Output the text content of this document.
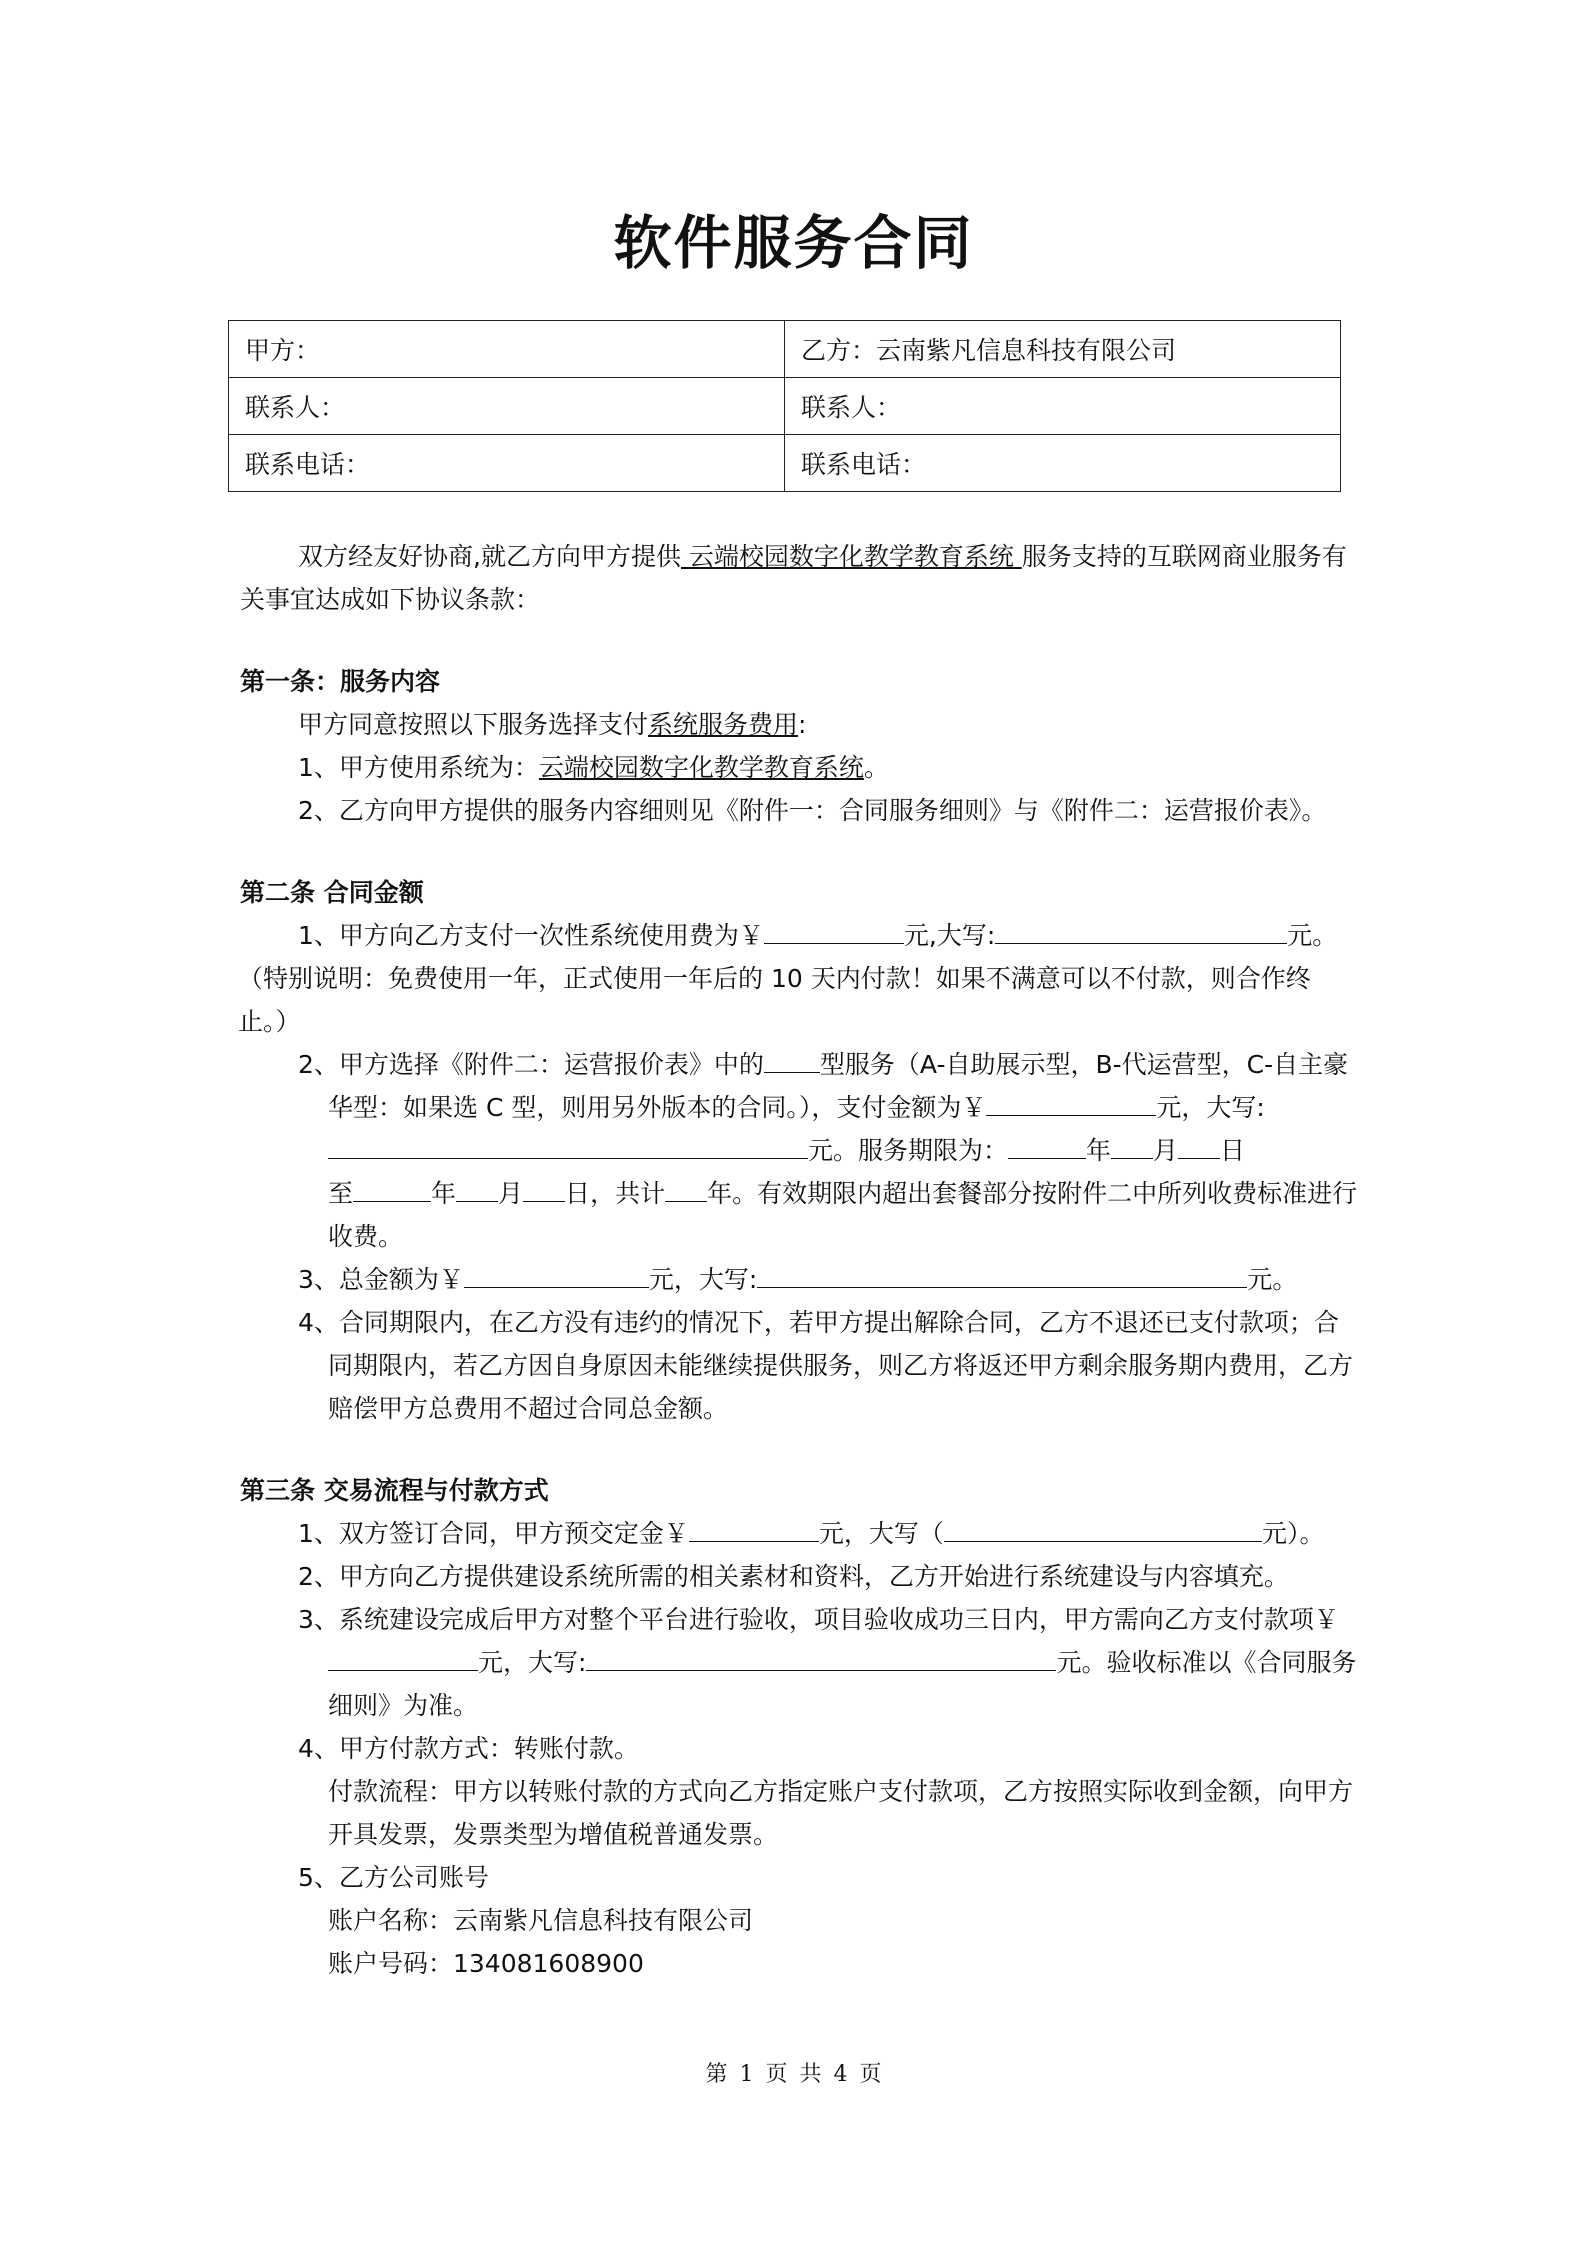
软件服务合同
甲方：	乙方：云南紫凡信息科技有限公司
联系人：	联系人：
联系电话：	联系电话：

双方经友好协商,就乙方向甲方提供 云端校园数字化教学教育系统 服务支持的互联网商业服务有关事宜达成如下协议条款：

第一条：服务内容

甲方同意按照以下服务选择支付系统服务费用:

1、甲方使用系统为：云端校园数字化教学教育系统。

2、乙方向甲方提供的服务内容细则见《附件一：合同服务细则》与《附件二：运营报价表》。

第二条 合同金额

1、甲方向乙方支付一次性系统使用费为￥	元,大写:	元。

（特别说明：免费使用一年，正式使用一年后的 10 天内付款！如果不满意可以不付款，则合作终止。）

2、甲方选择《附件二：运营报价表》中的 型服务（A-自助展示型，B-代运营型，C-自主豪华型：如果选 C 型，则用另外版本的合同。），支付金额为￥	元，大写:元。服务期限为：	年 月 日
至	年 月 日，共计 年。有效期限内超出套餐部分按附件二中所列收费标准进行收费。

3、总金额为￥	元，大写:	元。

4、合同期限内，在乙方没有违约的情况下，若甲方提出解除合同，乙方不退还已支付款项；合同期限内，若乙方因自身原因未能继续提供服务，则乙方将返还甲方剩余服务期内费用，乙方赔偿甲方总费用不超过合同总金额。

第三条 交易流程与付款方式

1、双方签订合同，甲方预交定金￥	元，大写（	元）。

2、甲方向乙方提供建设系统所需的相关素材和资料，乙方开始进行系统建设与内容填充。

3、系统建设完成后甲方对整个平台进行验收，项目验收成功三日内，甲方需向乙方支付款项￥元，大写:	元。验收标准以《合同服务细则》为准。

4、甲方付款方式：转账付款。

付款流程：甲方以转账付款的方式向乙方指定账户支付款项，乙方按照实际收到金额，向甲方开具发票，发票类型为增值税普通发票。

5、乙方公司账号

账户名称：云南紫凡信息科技有限公司

账户号码：134081608900

第 1 页 共 4 页
